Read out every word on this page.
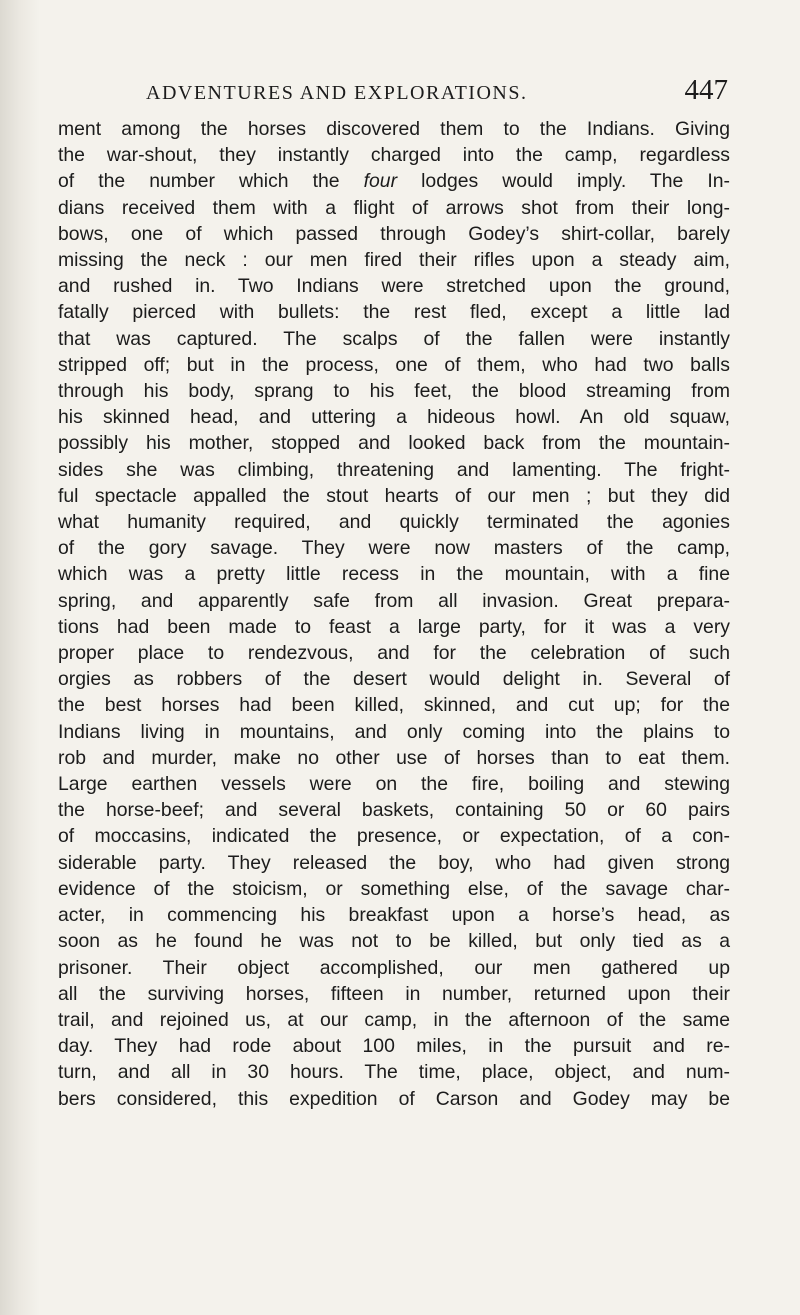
ADVENTURES AND EXPLORATIONS.	447

ment among the horses discovered them to the Indians. Giving
the war-shout, they instantly charged into the camp, regardless
of the number which the four lodges would imply. The In-
dians received them with a flight of arrows shot from their long-
bows, one of which passed through Godey’s shirt-collar, barely
missing the neck : our men fired their rifles upon a steady aim,
and rushed in. Two Indians were stretched upon the ground,
fatally pierced with bullets: the rest fled, except a little lad
that was captured. The scalps of the fallen were instantly
stripped off; but in the process, one of them, who had two balls
through his body, sprang to his feet, the blood streaming from
his skinned head, and uttering a hideous howl. An old squaw,
possibly his mother, stopped and looked back from the mountain-
sides she was climbing, threatening and lamenting. The fright-
ful spectacle appalled the stout hearts of our men ; but they did
what humanity required, and quickly terminated the agonies
of the gory savage. They were now masters of the camp,
which was a pretty little recess in the mountain, with a fine
spring, and apparently safe from all invasion. Great prepara-
tions had been made to feast a large party, for it was a very
proper place to rendezvous, and for the celebration of such
orgies as robbers of the desert would delight in. Several of
the best horses had been killed, skinned, and cut up; for the
Indians living in mountains, and only coming into the plains to
rob and murder, make no other use of horses than to eat them.
Large earthen vessels were on the fire, boiling and stewing
the horse-beef; and several baskets, containing 50 or 60 pairs
of moccasins, indicated the presence, or expectation, of a con-
siderable party. They released the boy, who had given strong
evidence of the stoicism, or something else, of the savage char-
acter, in commencing his breakfast upon a horse’s head, as
soon as he found he was not to be killed, but only tied as a
prisoner. Their object accomplished, our men gathered up
all the surviving horses, fifteen in number, returned upon their
trail, and rejoined us, at our camp, in the afternoon of the same
day. They had rode about 100 miles, in the pursuit and re-
turn, and all in 30 hours. The time, place, object, and num-
bers considered, this expedition of Carson and Godey may be
